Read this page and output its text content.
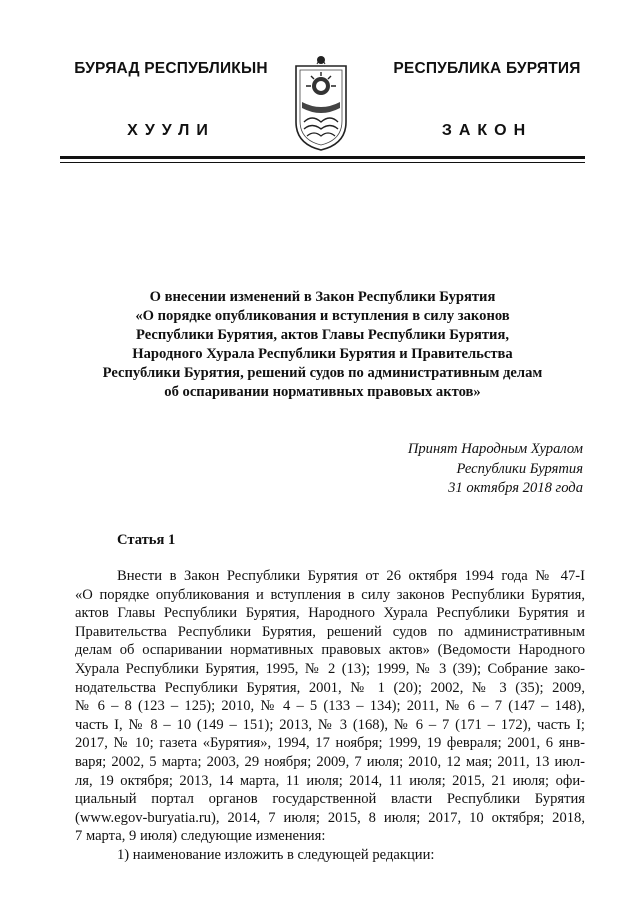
БУРЯАД РЕСПУБЛИКЫН
ХУУЛИ
РЕСПУБЛИКА БУРЯТИЯ
ЗАКОН
О внесении изменений в Закон Республики Бурятия
«О порядке опубликования и вступления в силу законов
Республики Бурятия, актов Главы Республики Бурятия,
Народного Хурала Республики Бурятия и Правительства
Республики Бурятия, решений судов по административным делам
об оспаривании нормативных правовых актов»
Принят Народным Хуралом
Республики Бурятия
31 октября 2018 года
Статья 1
Внести в Закон Республики Бурятия от 26 октября 1994 года № 47-I
«О порядке опубликования и вступления в силу законов Республики Бурятия,
актов Главы Республики Бурятия, Народного Хурала Республики Бурятия и
Правительства Республики Бурятия, решений судов по административным
делам об оспаривании нормативных правовых актов» (Ведомости Народного
Хурала Республики Бурятия, 1995, № 2 (13); 1999, № 3 (39); Собрание зако-
нодательства Республики Бурятия, 2001, № 1 (20); 2002, № 3 (35); 2009,
№ 6 – 8 (123 – 125); 2010, № 4 – 5 (133 – 134); 2011, № 6 – 7 (147 – 148),
часть I, № 8 – 10 (149 – 151); 2013, № 3 (168), № 6 – 7 (171 – 172), часть I;
2017, № 10; газета «Бурятия», 1994, 17 ноября; 1999, 19 февраля; 2001, 6 янв-
варя; 2002, 5 марта; 2003, 29 ноября; 2009, 7 июля; 2010, 12 мая; 2011, 13 июл-
ля, 19 октября; 2013, 14 марта, 11 июля; 2014, 11 июля; 2015, 21 июля; офи-
циальный портал органов государственной власти Республики Бурятия
(www.egov-buryatia.ru), 2014, 7 июля; 2015, 8 июля; 2017, 10 октября; 2018,
7 марта, 9 июля) следующие изменения:
1) наименование изложить в следующей редакции:
